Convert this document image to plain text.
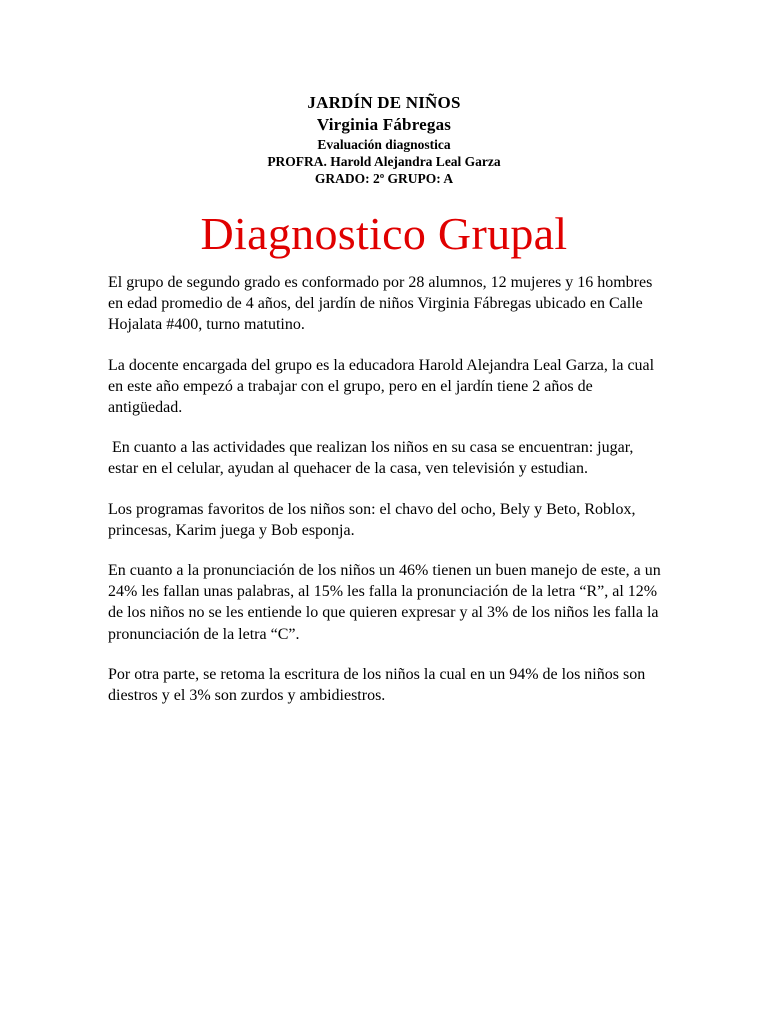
JARDÍN DE NIÑOS

Virginia Fábregas

Evaluación diagnostica

PROFRA. Harold Alejandra Leal Garza

GRADO: 2º GRUPO: A

Diagnostico Grupal

El grupo de segundo grado es conformado por 28 alumnos, 12 mujeres y 16 hombres en edad promedio de 4 años, del jardín de niños Virginia Fábregas ubicado en Calle Hojalata #400, turno matutino.

La docente encargada del grupo es la educadora Harold Alejandra Leal Garza, la cual en este año empezó a trabajar con el grupo, pero en el jardín tiene 2 años de antigüedad.

En cuanto a las actividades que realizan los niños en su casa se encuentran: jugar, estar en el celular, ayudan al quehacer de la casa, ven televisión y estudian.

Los programas favoritos de los niños son: el chavo del ocho, Bely y Beto, Roblox, princesas, Karim juega y Bob esponja.

En cuanto a la pronunciación de los niños un 46% tienen un buen manejo de este, a un 24% les fallan unas palabras, al 15% les falla la pronunciación de la letra “R”, al 12% de los niños no se les entiende lo que quieren expresar y al 3% de los niños les falla la pronunciación de la letra “C”.

Por otra parte, se retoma la escritura de los niños la cual en un 94% de los niños son diestros y el 3% son zurdos y ambidiestros.
